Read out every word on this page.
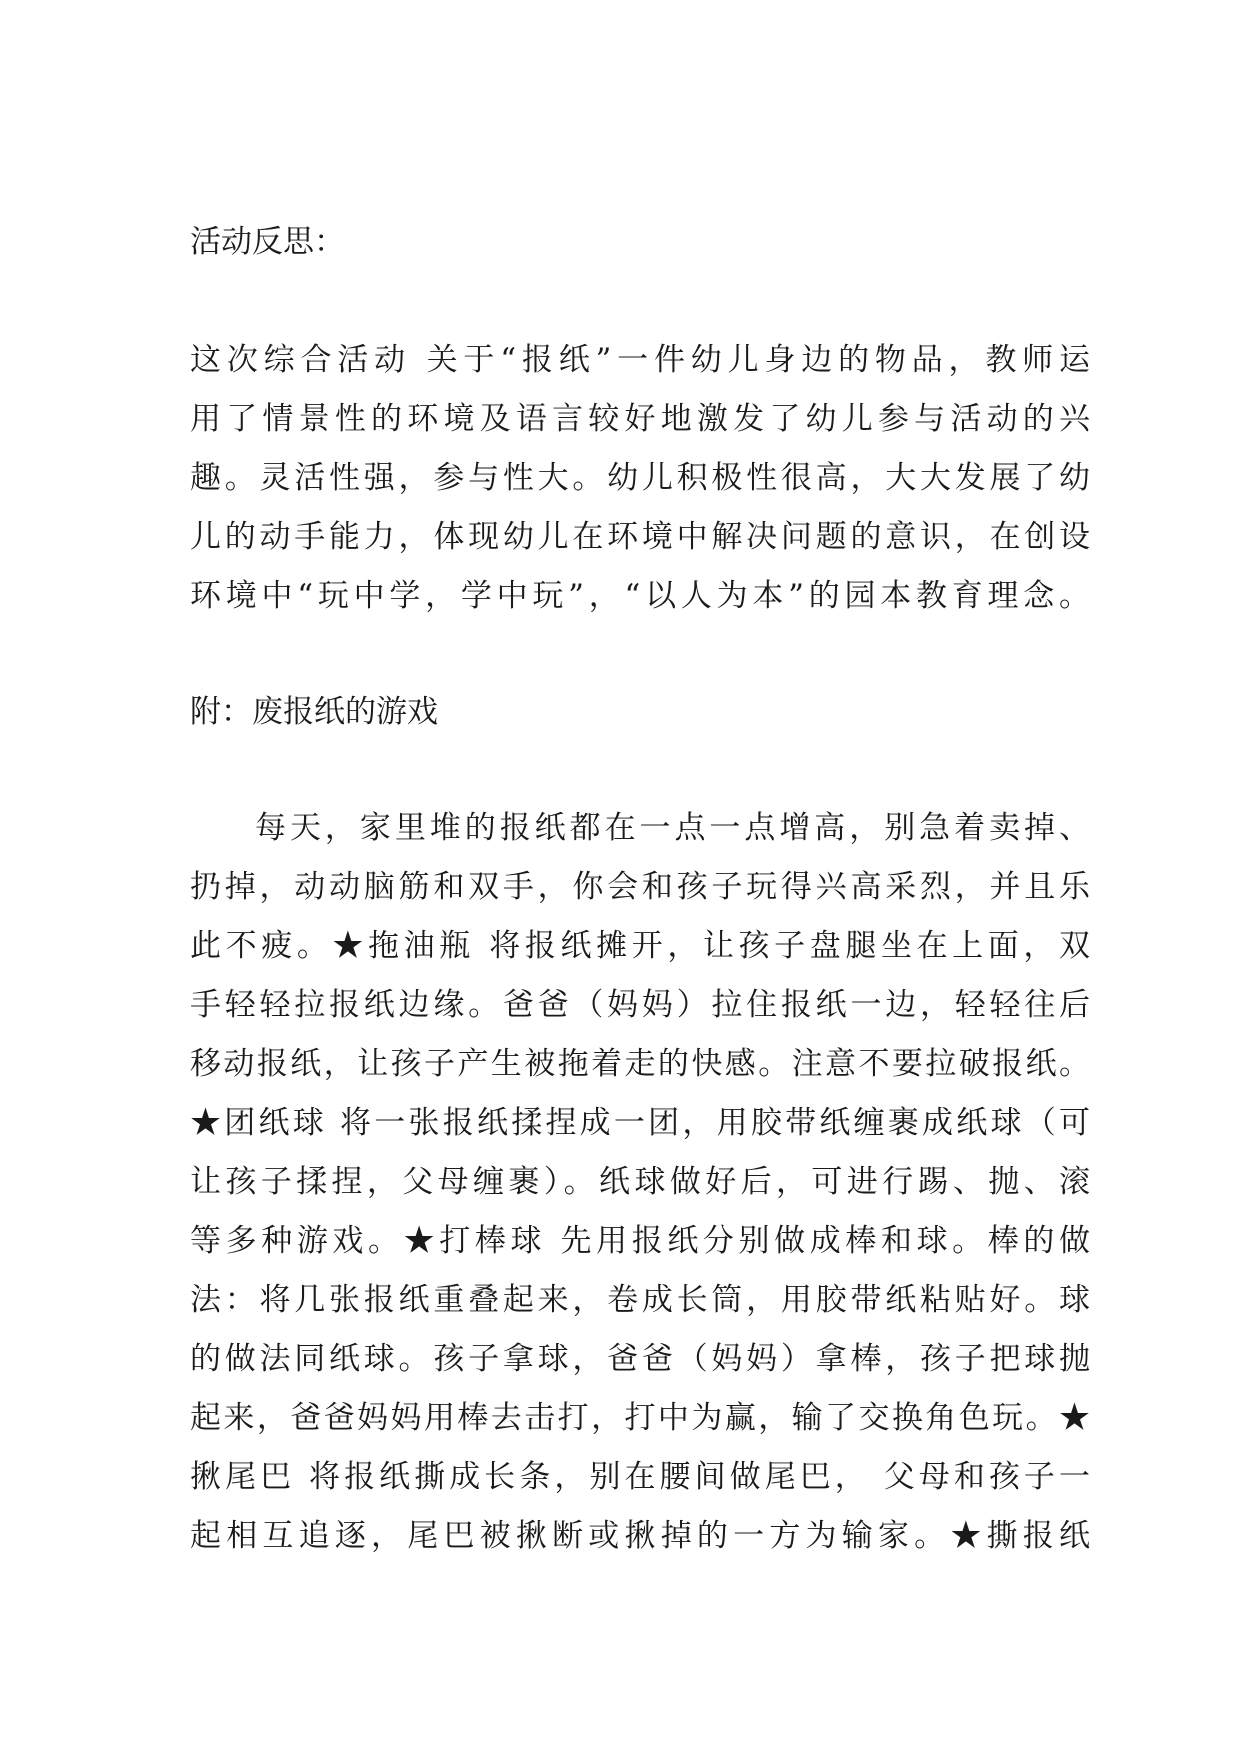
活动反思：
这次综合活动 关于“报纸”一件幼儿身边的物品，教师运
用了情景性的环境及语言较好地激发了幼儿参与活动的兴
趣。灵活性强，参与性大。幼儿积极性很高，大大发展了幼
儿的动手能力，体现幼儿在环境中解决问题的意识，在创设
环境中“玩中学，学中玩”，“以人为本”的园本教育理念。
附：废报纸的游戏
每天，家里堆的报纸都在一点一点增高，别急着卖掉、
扔掉，动动脑筋和双手，你会和孩子玩得兴高采烈，并且乐
此不疲。★拖油瓶 将报纸摊开，让孩子盘腿坐在上面，双
手轻轻拉报纸边缘。爸爸（妈妈）拉住报纸一边，轻轻往后
移动报纸，让孩子产生被拖着走的快感。注意不要拉破报纸。
★团纸球 将一张报纸揉捏成一团，用胶带纸缠裹成纸球（可
让孩子揉捏，父母缠裹）。纸球做好后，可进行踢、抛、滚
等多种游戏。★打棒球 先用报纸分别做成棒和球。棒的做
法：将几张报纸重叠起来，卷成长筒，用胶带纸粘贴好。球
的做法同纸球。孩子拿球，爸爸（妈妈）拿棒，孩子把球抛
起来，爸爸妈妈用棒去击打，打中为赢，输了交换角色玩。★
揪尾巴 将报纸撕成长条，别在腰间做尾巴， 父母和孩子一
起相互追逐，尾巴被揪断或揪掉的一方为输家。★撕报纸
